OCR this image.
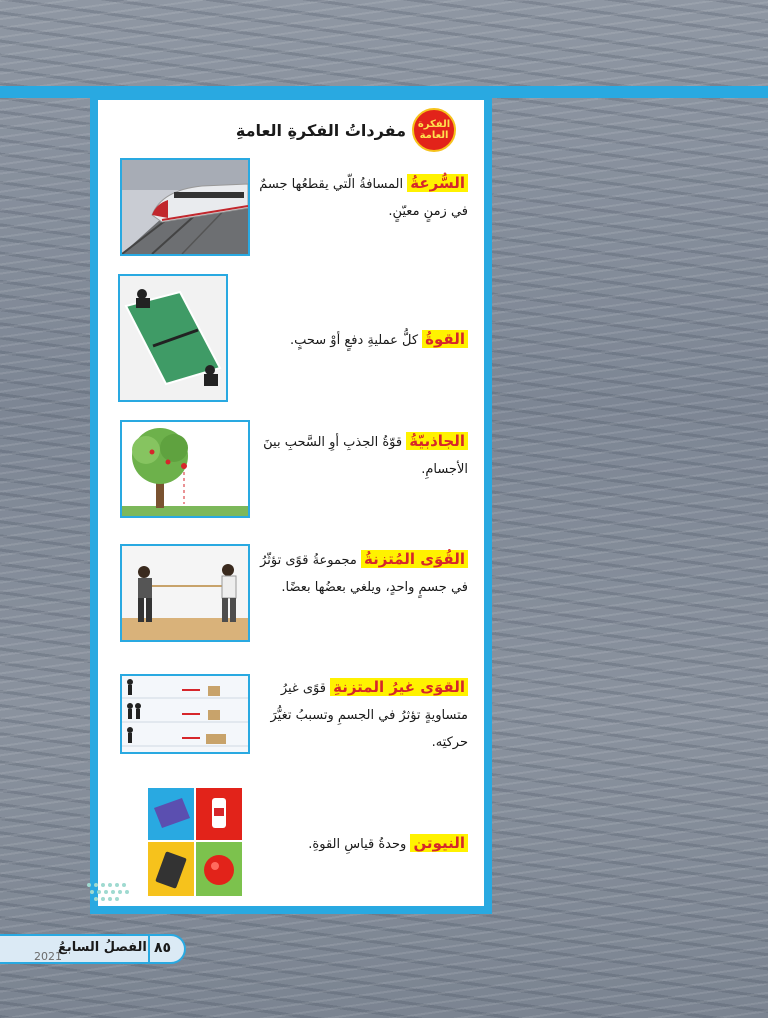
الفكرة العامة
مفرداتُ الفكرةِ العامةِ
السُّرعةُ المسافةُ الّتي يقطعُها جسمٌ في زمنٍ معيّنٍ.
القوةُ كلُّ عمليةِ دفعٍ أوْ سحبٍ.
الجاذبيّةُ قوّةُ الجذبِ أوِ السَّحبِ بينَ الأجسامِ.
القُوَى المُتزنةُ مجموعةُ قوًى تؤثّرُ في جسمٍ واحدٍ، ويلغي بعضُها بعضًا.
القوَى غيرُ المتزنةِ قوًى غيرُ متساويةٍ تؤثرُ في الجسمِ وتسببُ تغيُّرَ حركتِه.
النيوتن وحدةُ قياسِ القوةِ.
2021
الفصلُ السابعُ ٨٥
